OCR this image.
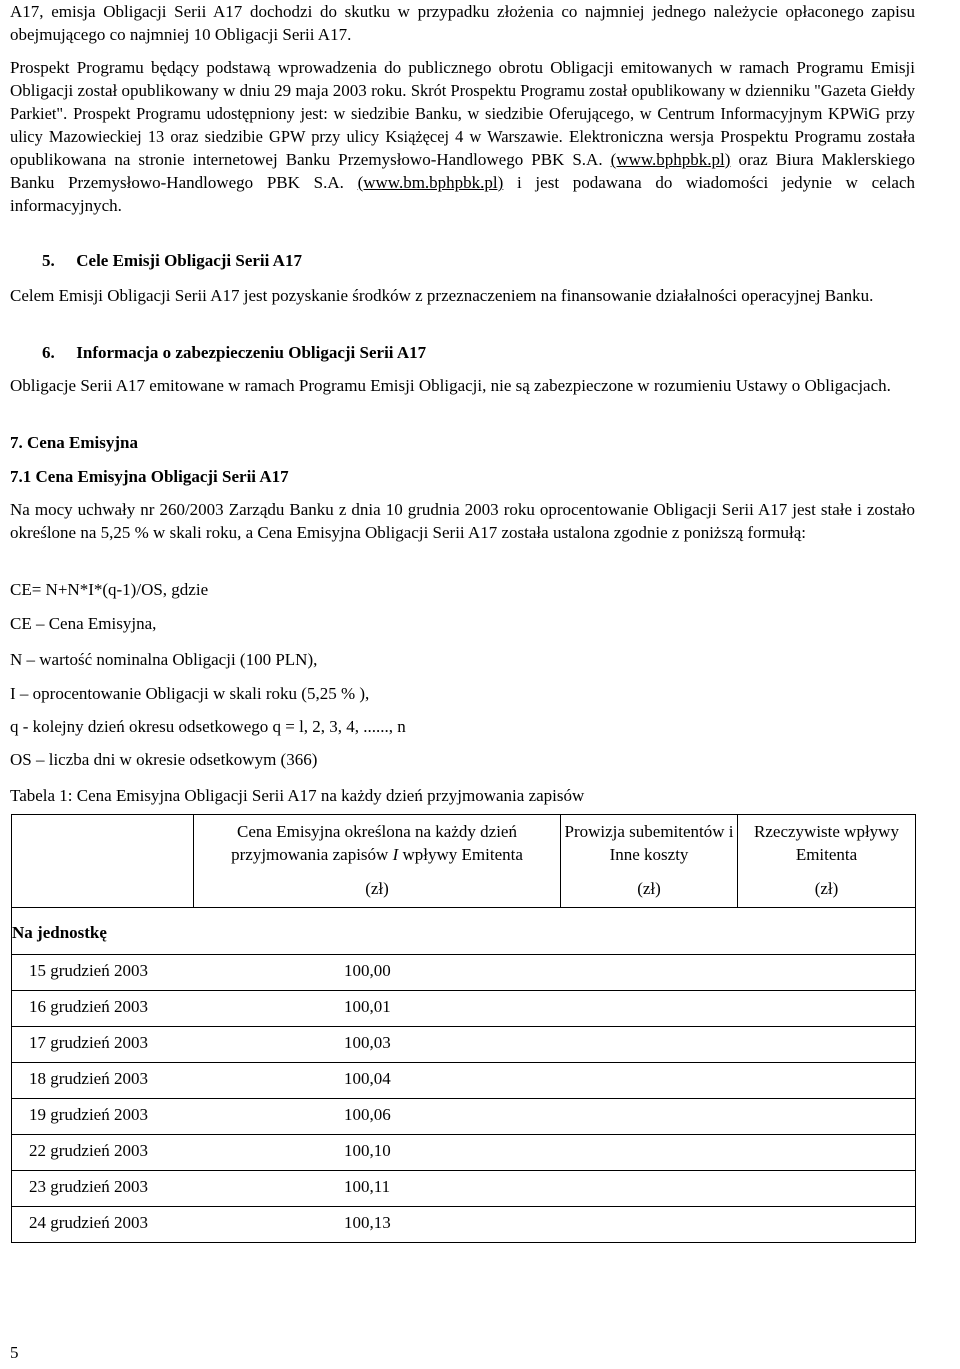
A17, emisja Obligacji Serii A17 dochodzi do skutku w przypadku złożenia co najmniej jednego należycie opłaconego zapisu obejmującego co najmniej 10 Obligacji Serii A17.

Prospekt Programu będący podstawą wprowadzenia do publicznego obrotu Obligacji emitowanych w ramach Programu Emisji Obligacji został opublikowany w dniu 29 maja 2003 roku. Skrót Prospektu Programu został opublikowany w dzienniku "Gazeta Giełdy Parkiet". Prospekt Programu udostępniony jest: w siedzibie Banku, w siedzibie Oferującego, w Centrum Informacyjnym KPWiG przy ulicy Mazowieckiej 13 oraz siedzibie GPW przy ulicy Książęcej 4 w Warszawie. Elektroniczna wersja Prospektu Programu została opublikowana na stronie internetowej Banku Przemysłowo-Handlowego PBK S.A. (www.bphpbk.pl) oraz Biura Maklerskiego Banku Przemysłowo-Handlowego PBK S.A. (www.bm.bphpbk.pl) i jest podawana do wiadomości jedynie w celach informacyjnych.

5. Cele Emisji Obligacji Serii A17

Celem Emisji Obligacji Serii A17 jest pozyskanie środków z przeznaczeniem na finansowanie działalności operacyjnej Banku.

6. Informacja o zabezpieczeniu Obligacji Serii A17

Obligacje Serii A17 emitowane w ramach Programu Emisji Obligacji, nie są zabezpieczone w rozumieniu Ustawy o Obligacjach.

7. Cena Emisyjna

7.1 Cena Emisyjna Obligacji Serii A17

Na mocy uchwały nr 260/2003 Zarządu Banku z dnia 10 grudnia 2003 roku oprocentowanie Obligacji Serii A17 jest stałe i zostało określone na 5,25 % w skali roku, a Cena Emisyjna Obligacji Serii A17 została ustalona zgodnie z poniższą formułą:

CE= N+N*I*(q-1)/OS, gdzie

CE – Cena Emisyjna,

N – wartość nominalna Obligacji (100 PLN),

I – oprocentowanie Obligacji w skali roku (5,25 % ),

q - kolejny dzień okresu odsetkowego q = l, 2, 3, 4, ......, n

OS – liczba dni w okresie odsetkowym (366)

Tabela 1: Cena Emisyjna Obligacji Serii A17 na każdy dzień przyjmowania zapisów

Cena Emisyjna określona na każdy dzień przyjmowania zapisów I wpływy Emitenta
(zł)

Prowizja subemitentów i Inne koszty
(zł)

Rzeczywiste wpływy Emitenta
(zł)

Na jednostkę
15 grudzień 2003	100,00
16 grudzień 2003	100,01
17 grudzień 2003	100,03
18 grudzień 2003	100,04
19 grudzień 2003	100,06
22 grudzień 2003	100,10
23 grudzień 2003	100,11
24 grudzień 2003	100,13
5
